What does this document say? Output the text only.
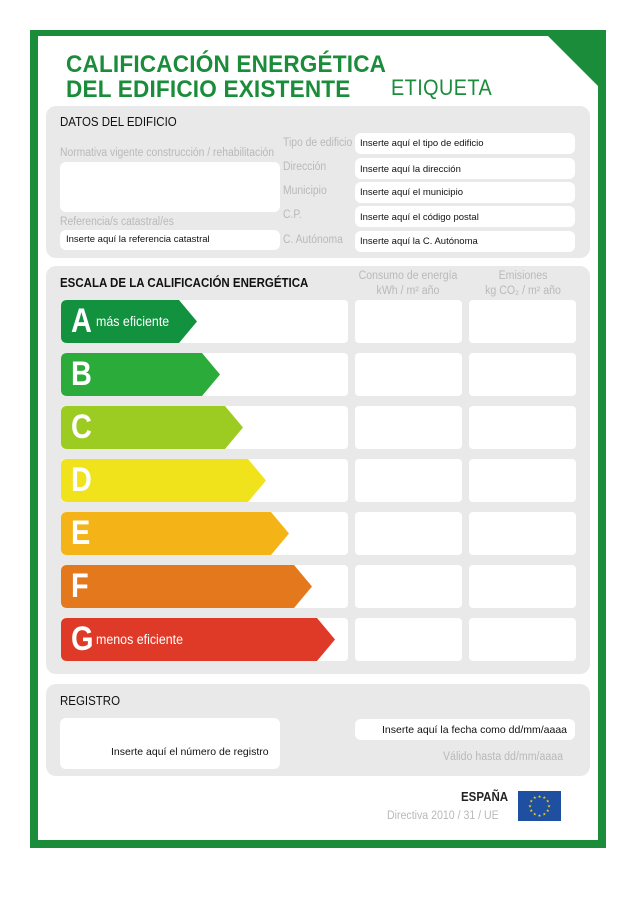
CALIFICACIÓN ENERGÉTICA
DEL EDIFICIO EXISTENTE	ETIQUETA
DATOS DEL EDIFICIO
Normativa vigente construcción / rehabilitación
Referencia/s catastral/es
Inserte aquí la referencia catastral
Tipo de edificio Inserte aquí el tipo de edificio
Dirección	Inserte aquí la dirección
Municipio	Inserte aquí el municipio
C.P.	Inserte aquí el código postal
C. Autónoma Inserte aquí la C. Autónoma
ESCALA DE LA CALIFICACIÓN ENERGÉTICA	Consumo de energía
kWh / m² año
Emisiones
kg CO₂ / m² año
A más eficiente
B
C
D
E
F
G menos eficiente
REGISTRO
Inserte aquí el número de registro
Inserte aquí la fecha como dd/mm/aaaa
Válido hasta dd/mm/aaaa
ESPAÑA
Directiva 2010 / 31 / UE
★ ★
★
★
★
★
★
★
★
★
★
★
